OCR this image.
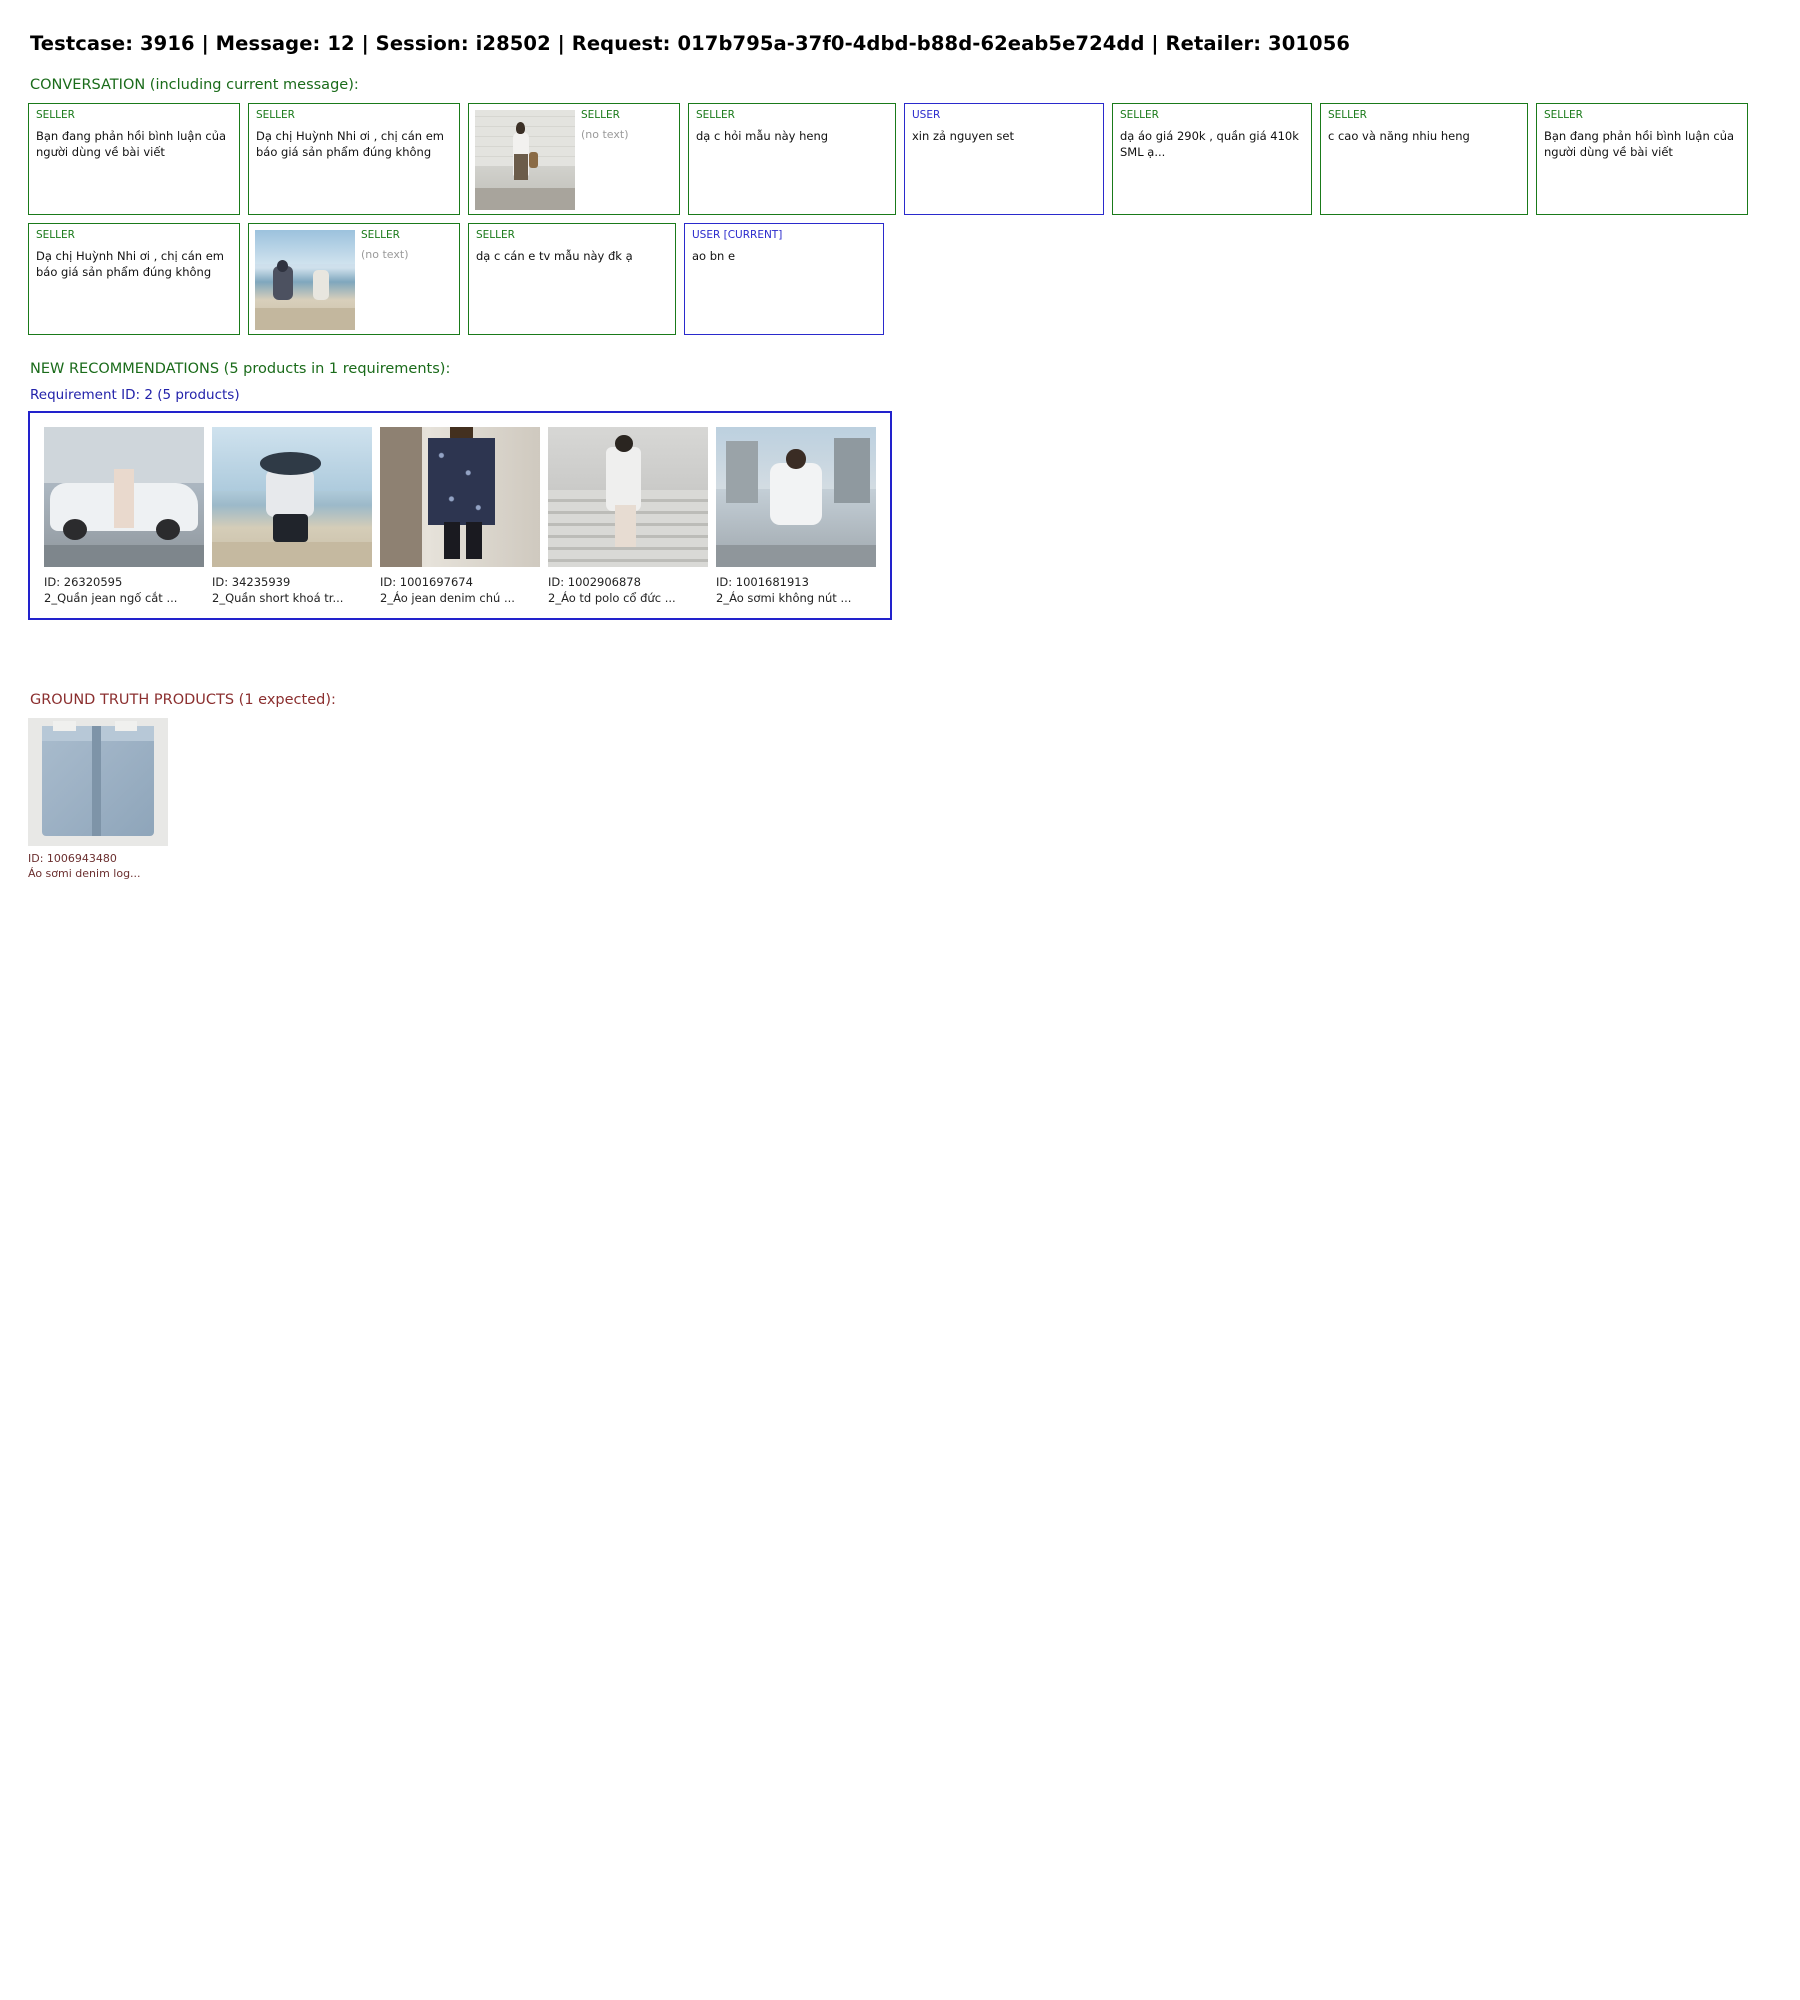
Testcase: 3916 | Message: 12 | Session: i28502 | Request: 017b795a-37f0-4dbd-b88d-62eab5e724dd | Retailer: 301056
CONVERSATION (including current message):
SELLER
Bạn đang phản hồi bình luận của người dùng về bài viết
SELLER
Dạ chị Huỳnh Nhi ơi , chị cán em báo giá sản phẩm đúng không
SELLER
(no text)
SELLER
dạ c hỏi mẫu này heng
USER
xin zả nguyen set
SELLER
dạ áo giá 290k , quần giá 410k SML ạ...
SELLER
c cao và năng nhiu heng
SELLER
Bạn đang phản hồi bình luận của người dùng về bài viết
SELLER
Dạ chị Huỳnh Nhi ơi , chị cán em báo giá sản phẩm đúng không
SELLER
(no text)
SELLER
dạ c cán e tv mẫu này đk ạ
USER [CURRENT]
ao bn e
NEW RECOMMENDATIONS (5 products in 1 requirements):
Requirement ID: 2 (5 products)
ID: 26320595
2_Quần jean ngố cắt ...
ID: 34235939
2_Quần short khoá tr...
ID: 1001697674
2_Áo jean denim chú ...
ID: 1002906878
2_Áo td polo cổ đức ...
ID: 1001681913
2_Áo sơmi không nút ...
GROUND TRUTH PRODUCTS (1 expected):
ID: 1006943480
Áo sơmi denim log...
